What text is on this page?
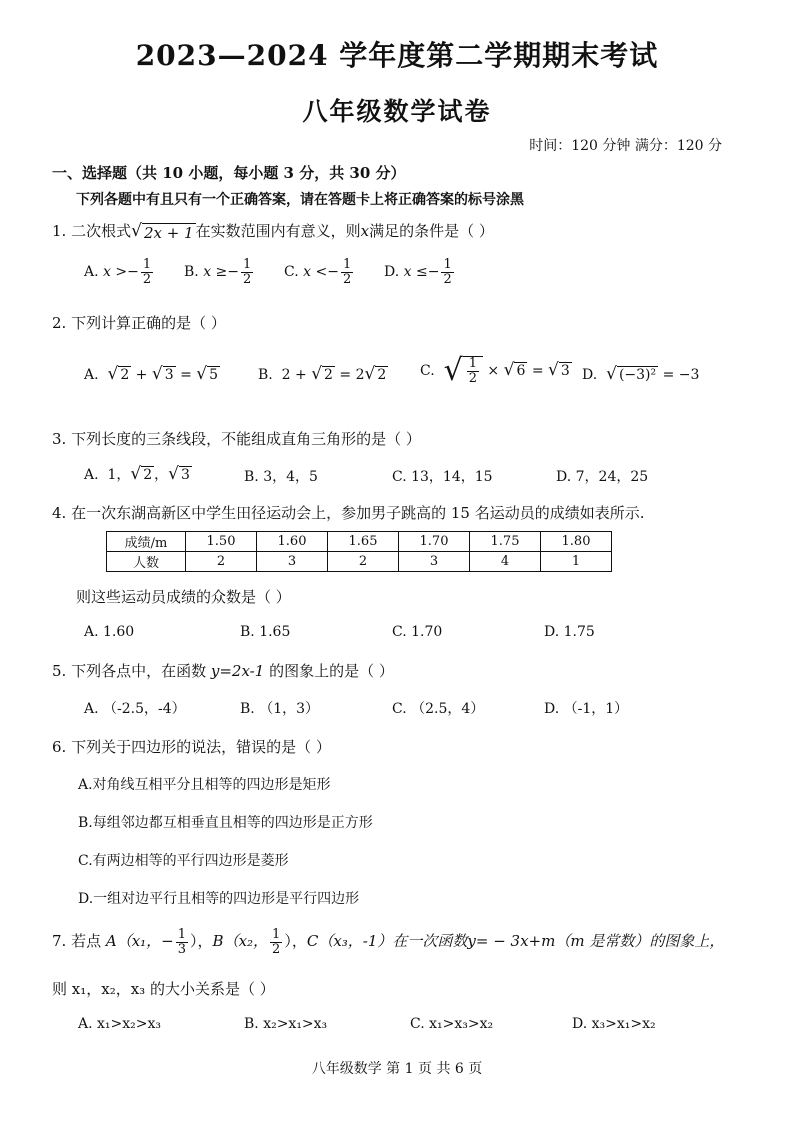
2023—2024 学年度第二学期期末考试
八年级数学试卷
时间：120 分钟 满分：120 分
一、选择题（共 10 小题，每小题 3 分，共 30 分）
下列各题中有且只有一个正确答案，请在答题卡上将正确答案的标号涂黑
1. 二次根式 √ 2x + 1 在实数范围内有意义，则x满足的条件是（ ）
A. $x >- \frac{1}{2} B$. $x \ge- \frac{1}{2} C$. $x <- \frac{1}{2} D$. $x \le- \frac{1}{2}$
2. 下列计算正确的是（ ）
A. √ 2 + √ 3 = √ 5	B. 2 + √ 2 = 2 √ 2 C. √ $\frac{1}{2}$ × √ 6 = √ 3 D. √ (−3)² = −3
3. 下列长度的三条线段，不能组成直角三角形的是（ ）
A. 1， √ 2 ， √ 3	B. 3，4，5	C. 13，14，15	D. 7，24，25
4. 在一次东湖高新区中学生田径运动会上，参加男子跳高的 15 名运动员的成绩如表所示.
成绩/m	1.50	1.60	1.65	1.70	1.75	1.80
人数	2	3	2	3	4	1
则这些运动员成绩的众数是（ ）
A. 1.60	B. 1.65	C. 1.70	D. 1.75
5. 下列各点中，在函数 y=2x-1 的图象上的是（ ）
A. （-2.5，-4）	B. （1，3）	C. （2.5，4）	D. （-1，1）
6. 下列关于四边形的说法，错误的是（ ）
A.对角线互相平分且相等的四边形是矩形
B.每组邻边都互相垂直且相等的四边形是正方形
C.有两边相等的平行四边形是菱形
D.一组对边平行且相等的四边形是平行四边形
7. 若点 A（x₁，− $\frac{1}{3}$ ），B（x₂， $\frac{1}{2}$ ），C（x₃，-1）在一次函数y= − 3x+m（m 是常数）的图象上，
则 x₁，x₂，x₃ 的大小关系是（ ）
A. x₁>x₂>x₃	B. x₂>x₁>x₃	C. x₁>x₃>x₂	D. x₃>x₁>x₂
八年级数学 第 1 页 共 6 页
